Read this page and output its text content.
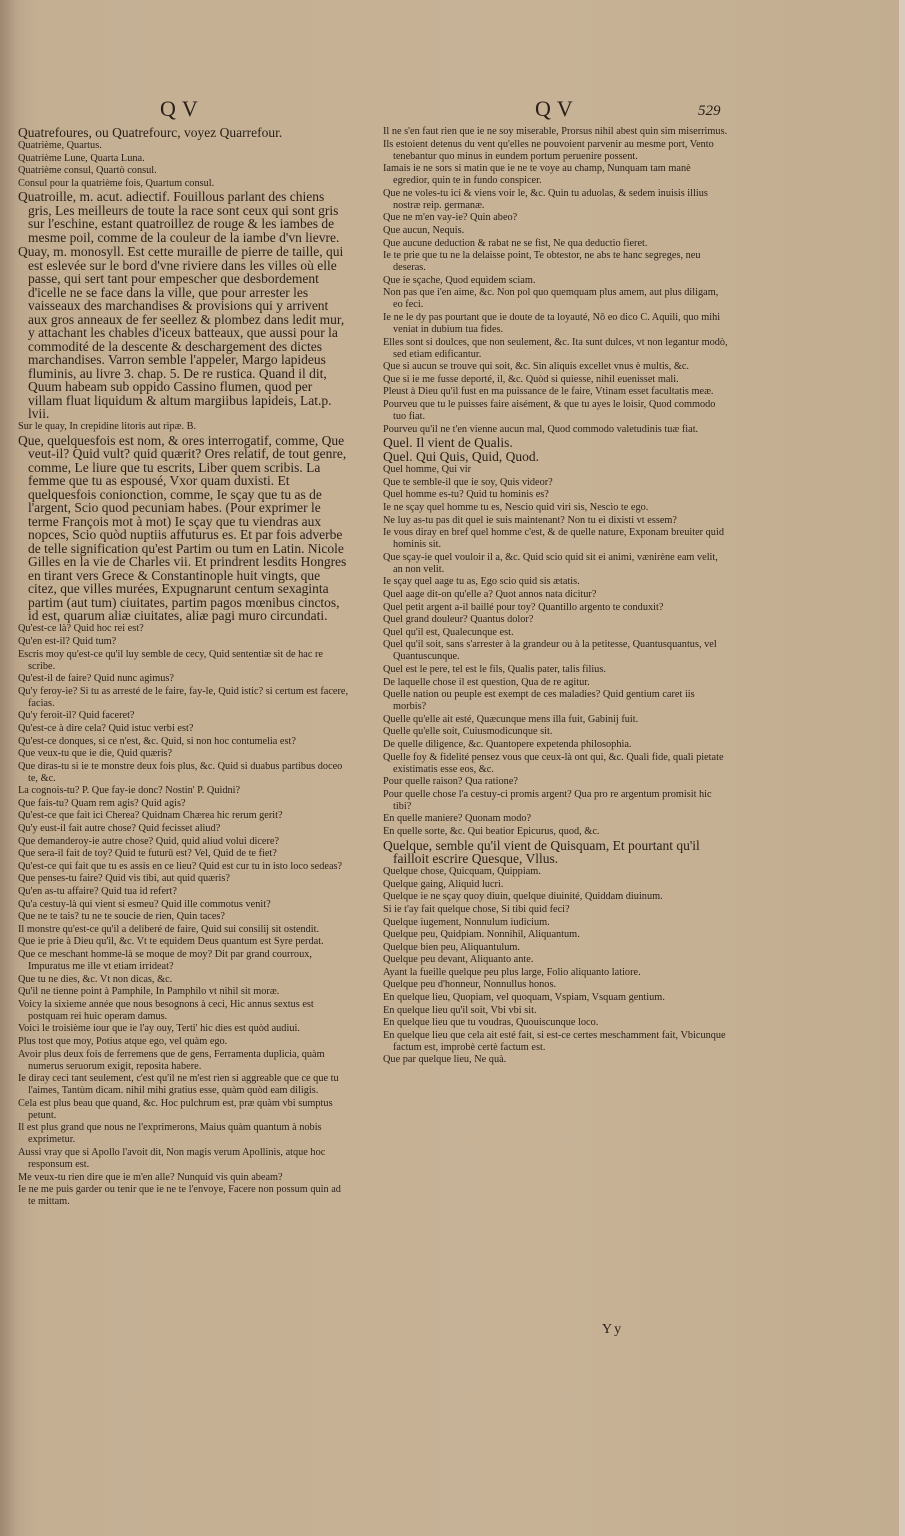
QV	QV	529
Quatrefoures, ou Quatrefourc, voyez Quarrefour.
Quatrième, Quartus.
Quatrième Lune, Quarta Luna.
Quatrième consul, Quartò consul.
Consul pour la quatrième fois, Quartum consul.
Quatroille, m. acut. adiectif. Fouillous parlant des chiens gris, Les meilleurs de toute la race sont ceux qui sont gris sur l'eschine, estant quatroillez de rouge & les iambes de mesme poil, comme de la couleur de la iambe d'vn lievre.
Quay, m. monosyll. Est cette muraille de pierre de taille, qui est eslevée sur le bord d'vne riviere dans les villes où elle passe, qui sert tant pour empescher que desbordement d'icelle ne se face dans la ville, que pour arrester les vaisseaux des marchandises & provisions qui y arrivent aux gros anneaux de fer seellez & plombez dans ledit mur, y attachant les chables d'iceux batteaux, que aussi pour la commodité de la descente & deschargement des dictes marchandises. Varron semble l'appeler, Margo lapideus fluminis, au livre 3. chap. 5. De re rustica. Quand il dit, Quum habeam sub oppido Cassino flumen, quod per villam fluat liquidum & altum margiibus lapideis, Lat.p. lvii.
Sur le quay, In crepidine litoris aut ripæ. B.
Que, quelquesfois est nom, & ores interrogatif, comme, Que veut-il? Quid vult? quid quærit? Ores relatif, de tout genre, comme, Le liure que tu escrits, Liber quem scribis. La femme que tu as espousé, Vxor quam duxisti. Et quelquesfois conionction, comme, Ie sçay que tu as de l'argent, Scio quod pecuniam habes. (Pour exprimer le terme François mot à mot) Ie sçay que tu viendras aux nopces, Scio quòd nuptiis affuturus es. Et par fois adverbe de telle signification qu'est Partim ou tum en Latin. Nicole Gilles en la vie de Charles vii. Et prindrent lesdits Hongres en tirant vers Grece & Constantinople huit vingts, que citez, que villes murées, Expugnarunt centum sexaginta partim (aut tum) ciuitates, partim pagos mœnibus cinctos, id est, quarum aliæ ciuitates, aliæ pagi muro circundati.
Qu'est-ce là? Quid hoc rei est?
Qu'en est-il? Quid tum?
Escris moy qu'est-ce qu'il luy semble de cecy, Quid sententiæ sit de hac re scribe.
Qu'est-il de faire? Quid nunc agimus?
Qu'y feroy-ie? Si tu as arresté de le faire, fay-le, Quid istic? si certum est facere, facias.
Qu'y feroit-il? Quid faceret?
Qu'est-ce à dire cela? Quid istuc verbi est?
Qu'est-ce donques, si ce n'est, &c. Quid, si non hoc contumelia est?
Que veux-tu que ie die, Quid quæris?
Que diras-tu si ie te monstre deux fois plus, &c. Quid si duabus partibus doceo te, &c.
La cognois-tu? P. Que fay-ie donc? Nostin' P. Quidni?
Que fais-tu? Quam rem agis? Quid agis?
Qu'est-ce que fait ici Cherea? Quidnam Chærea hic rerum gerit?
Qu'y eust-il fait autre chose? Quid fecisset aliud?
Que demanderoy-ie autre chose? Quid, quid aliud volui dicere?
Que sera-il fait de toy? Quid te futurū est? Vel, Quid de te fiet?
Qu'est-ce qui fait que tu es assis en ce lieu? Quid est cur tu in isto loco sedeas?
Que penses-tu faire? Quid vis tibi, aut quid quæris?
Qu'en as-tu affaire? Quid tua id refert?
Qu'a cestuy-là qui vient si esmeu? Quid ille commotus venit?
Que ne te tais? tu ne te soucie de rien, Quin taces?
Il monstre qu'est-ce qu'il a deliberé de faire, Quid sui consilij sit ostendit.
Que ie prie à Dieu qu'il, &c. Vt te equidem Deus quantum est Syre perdat.
Que ce meschant homme-là se moque de moy? Dit par grand courroux, Impuratus me ille vt etiam irrideat?
Que tu ne dies, &c. Vt non dicas, &c.
Qu'il ne tienne point à Pamphile, In Pamphilo vt nihil sit moræ.
Voicy la sixieme année que nous besognons à ceci, Hic annus sextus est postquam rei huic operam damus.
Voici le troisième iour que ie l'ay ouy, Terti' hic dies est quòd audiui.
Plus tost que moy, Potius atque ego, vel quàm ego.
Avoir plus deux fois de ferremens que de gens, Ferramenta duplicia, quàm numerus seruorum exigit, reposita habere.
Ie diray ceci tant seulement, c'est qu'il ne m'est rien si aggreable que ce que tu l'aimes, Tantùm dicam. nihil mihi gratius esse, quàm quòd eam diligis.
Cela est plus beau que quand, &c. Hoc pulchrum est, præ quàm vbi sumptus petunt.
Il est plus grand que nous ne l'exprimerons, Maius quàm quantum à nobis exprimetur.
Aussi vray que si Apollo l'avoit dit, Non magis verum Apollinis, atque hoc responsum est.
Me veux-tu rien dire que ie m'en alle? Nunquid vis quin abeam?
Ie ne me puis garder ou tenir que ie ne te l'envoye, Facere non possum quin ad te mittam.
Il ne s'en faut rien que ie ne soy miserable, Prorsus nihil abest quin sim miserrimus.
Ils estoient detenus du vent qu'elles ne pouvoient parvenir au mesme port, Vento tenebantur quo minus in eundem portum peruenire possent.
Iamais ie ne sors si matin que ie ne te voye au champ, Nunquam tam manè egredior, quin te in fundo conspicer.
Que ne voles-tu ici & viens voir le, &c. Quin tu aduolas, & sedem inuisis illius nostræ reip. germanæ.
Que ne m'en vay-ie? Quin abeo?
Que aucun, Nequis.
Que aucune deduction & rabat ne se fist, Ne qua deductio fieret.
Ie te prie que tu ne la delaisse point, Te obtestor, ne abs te hanc segreges, neu deseras.
Que ie sçache, Quod equidem sciam.
Non pas que i'en aime, &c. Non pol quo quemquam plus amem, aut plus diligam, eo feci.
Ie ne le dy pas pourtant que ie doute de ta loyauté, Nō eo dico C. Aquili, quo mihi veniat in dubium tua fides.
Elles sont si doulces, que non seulement, &c. Ita sunt dulces, vt non legantur modò, sed etiam edificantur.
Que si aucun se trouve qui soit, &c. Sin aliquis excellet vnus è multis, &c.
Que si ie me fusse deporté, il, &c. Quòd si quiesse, nihil euenisset mali.
Pleust à Dieu qu'il fust en ma puissance de le faire, Vtinam esset facultatis meæ.
Pourveu que tu le puisses faire aisément, & que tu ayes le loisir, Quod commodo tuo fiat.
Pourveu qu'il ne t'en vienne aucun mal, Quod commodo valetudinis tuæ fiat.
Quel. Il vient de Qualis.
Quel. Qui Quis, Quid, Quod.
Quel homme, Qui vir
Que te semble-il que ie soy, Quis videor?
Quel homme es-tu? Quid tu hominis es?
Ie ne sçay quel homme tu es, Nescio quid viri sis, Nescio te ego.
Ne luy as-tu pas dit quel ie suis maintenant? Non tu ei dixisti vt essem?
Ie vous diray en bref quel homme c'est, & de quelle nature, Exponam breuiter quid hominis sit.
Que sçay-ie quel vouloir il a, &c. Quid scio quid sit ei animi, vænirène eam velit, an non velit.
Ie sçay quel aage tu as, Ego scio quid sis ætatis.
Quel aage dit-on qu'elle a? Quot annos nata dicitur?
Quel petit argent a-il baillé pour toy? Quantillo argento te conduxit?
Quel grand douleur? Quantus dolor?
Quel qu'il est, Qualecunque est.
Quel qu'il soit, sans s'arrester à la grandeur ou à la petitesse, Quantusquantus, vel Quantuscunque.
Quel est le pere, tel est le fils, Qualis pater, talis filius.
De laquelle chose il est question, Qua de re agitur.
Quelle nation ou peuple est exempt de ces maladies? Quid gentium caret iis morbis?
Quelle qu'elle ait esté, Quæcunque mens illa fuit, Gabinij fuit.
Quelle qu'elle soit, Cuiusmodicunque sit.
De quelle diligence, &c. Quantopere expetenda philosophia.
Quelle foy & fidelité pensez vous que ceux-là ont qui, &c. Quali fide, quali pietate existimatis esse eos, &c.
Pour quelle raison? Qua ratione?
Pour quelle chose l'a cestuy-ci promis argent? Qua pro re argentum promisit hic tibi?
En quelle maniere? Quonam modo?
En quelle sorte, &c. Qui beatior Epicurus, quod, &c.
Quelque, semble qu'il vient de Quisquam, Et pourtant qu'il failloit escrire Quesque, Vllus.
Quelque chose, Quicquam, Quippiam.
Quelque gaing, Aliquid lucri.
Quelque ie ne sçay quoy diuin, quelque diuinité, Quiddam diuinum.
Si ie t'ay fait quelque chose, Si tibi quid feci?
Quelque iugement, Nonnulum iudicium.
Quelque peu, Quidpiam. Nonnihil, Aliquantum.
Quelque bien peu, Aliquantulum.
Quelque peu devant, Aliquanto ante.
Ayant la fueille quelque peu plus large, Folio aliquanto latiore.
Quelque peu d'honneur, Nonnullus honos.
En quelque lieu, Quopiam, vel quoquam, Vspiam, Vsquam gentium.
En quelque lieu qu'il soit, Vbi vbi sit.
En quelque lieu que tu voudras, Quouiscunque loco.
En quelque lieu que cela ait esté fait, si est-ce certes meschamment fait, Vbicunque factum est, improbè certè factum est.
Que par quelque lieu, Ne quà.
Yy
